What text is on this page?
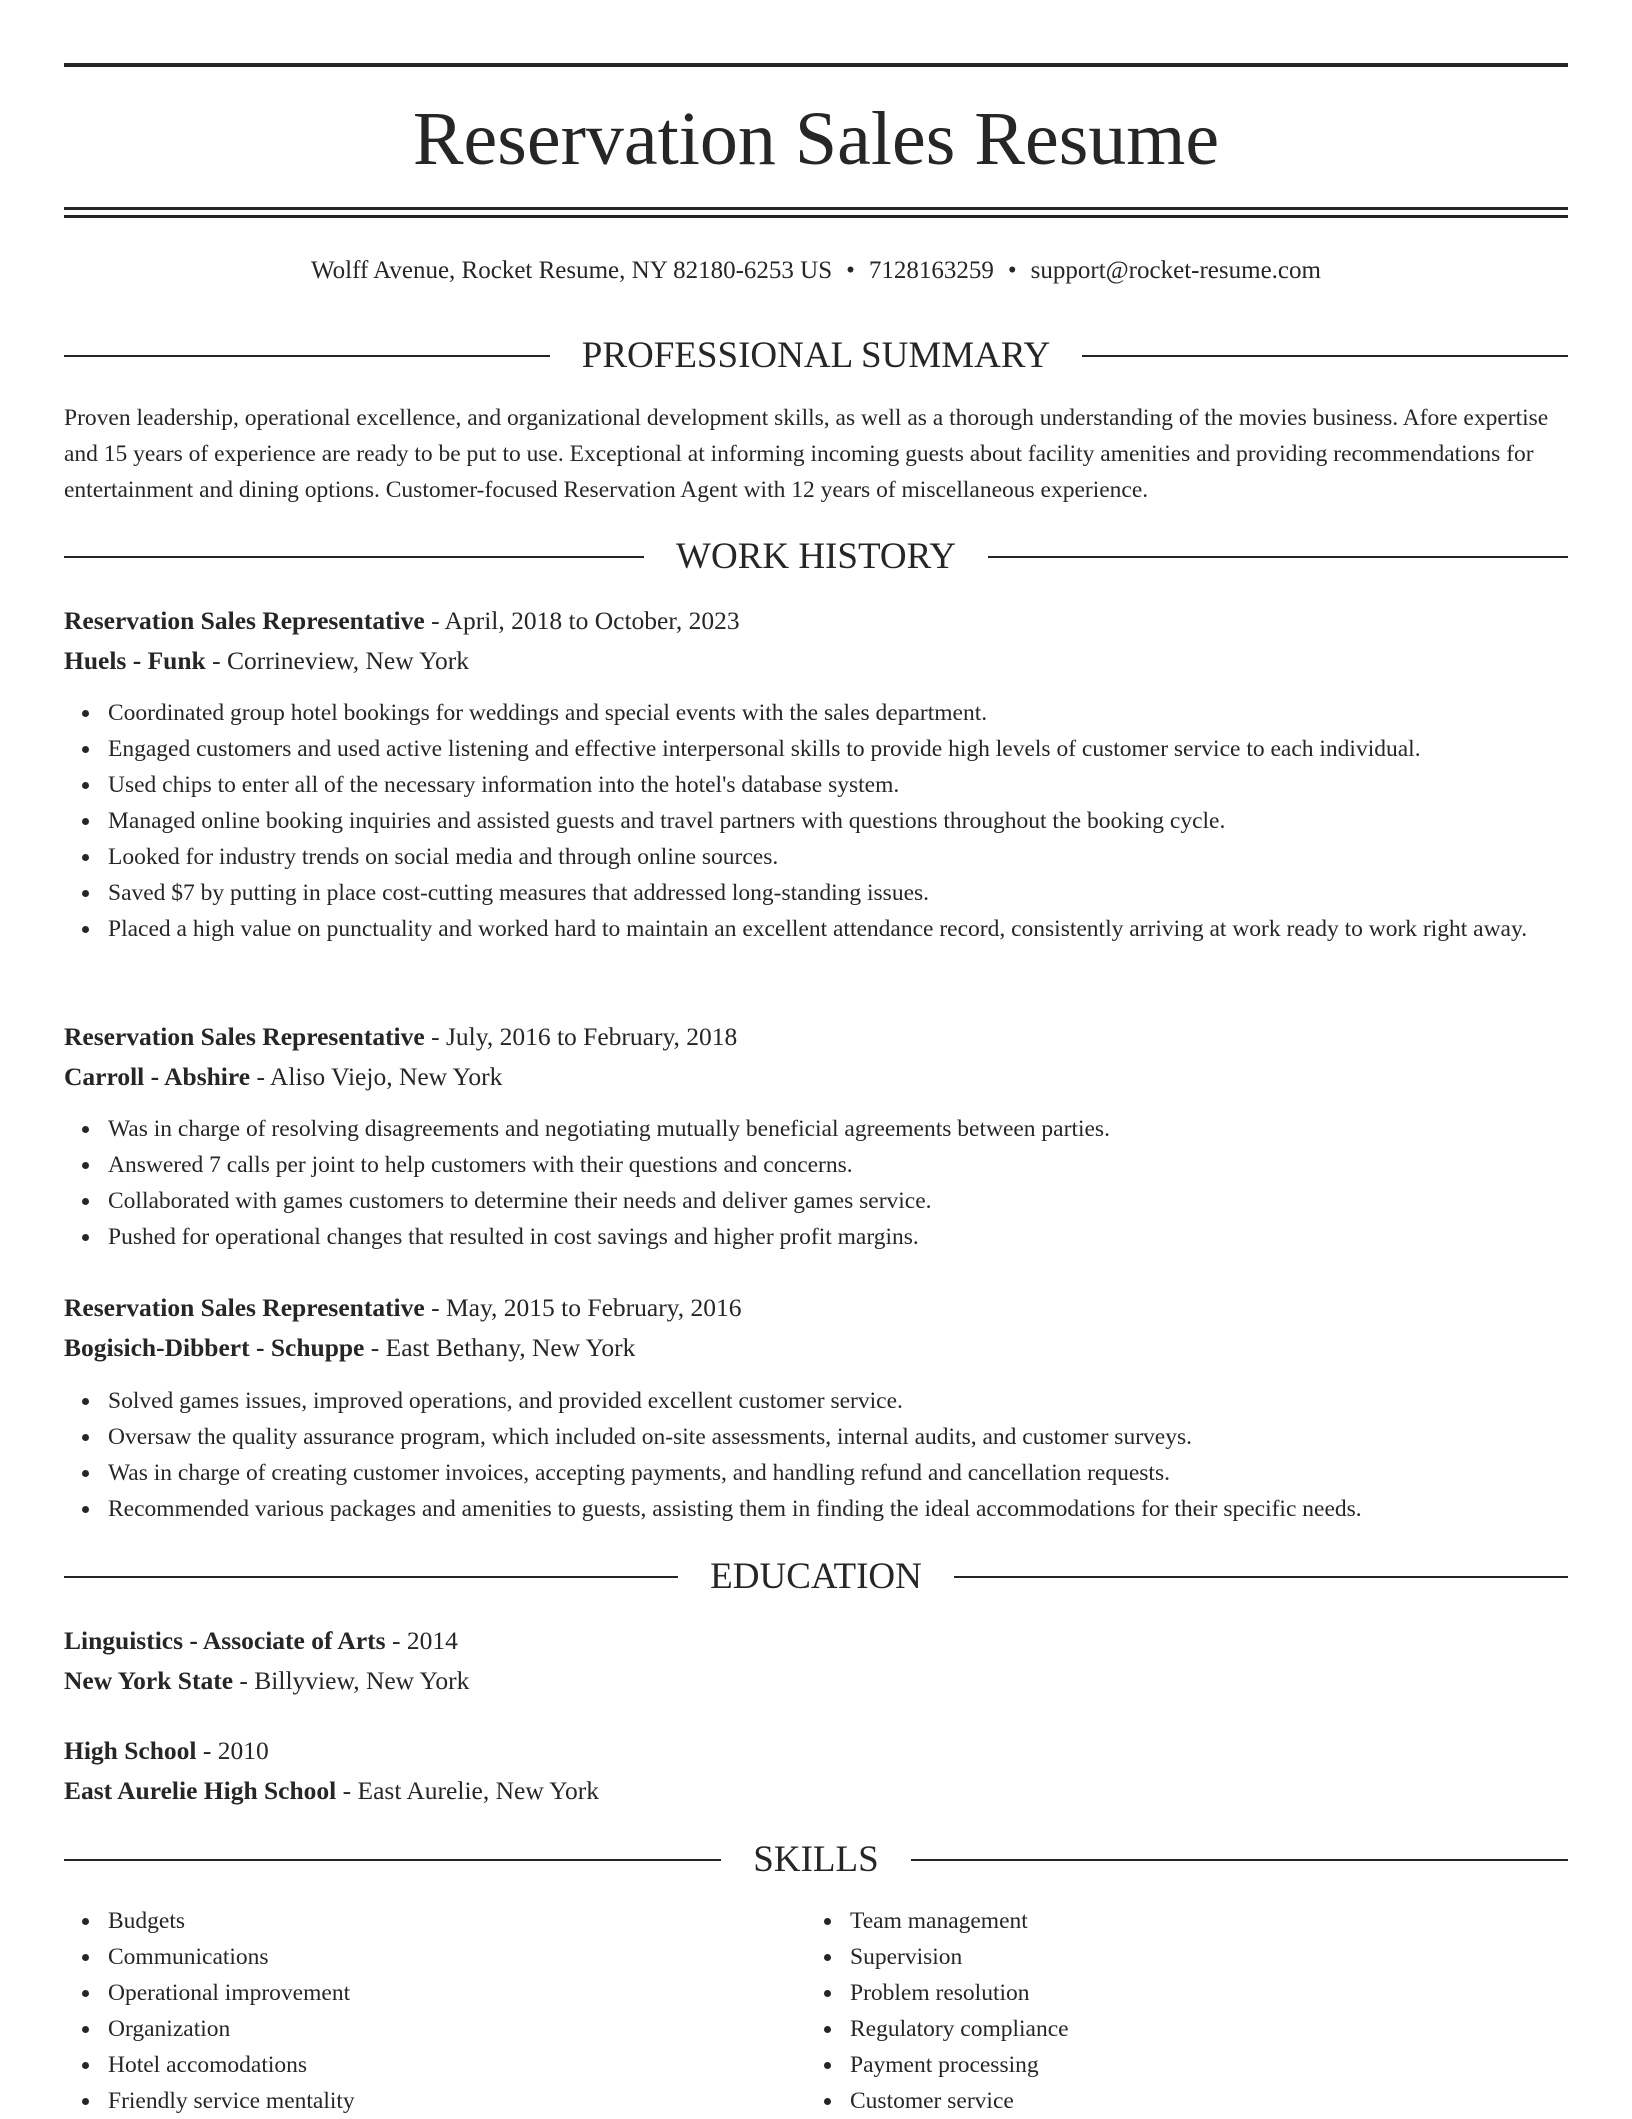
Reservation Sales Resume
Wolff Avenue, Rocket Resume, NY 82180-6253 US • 7128163259 • support@rocket-resume.com
PROFESSIONAL SUMMARY

Proven leadership, operational excellence, and organizational development skills, as well as a thorough understanding of the movies business. Afore expertise and 15 years of experience are ready to be put to use. Exceptional at informing incoming guests about facility amenities and providing recommendations for entertainment and dining options. Customer-focused Reservation Agent with 12 years of miscellaneous experience.

WORK HISTORY
Reservation Sales Representative - April, 2018 to October, 2023
Huels - Funk - Corrineview, New York
Coordinated group hotel bookings for weddings and special events with the sales department.
Engaged customers and used active listening and effective interpersonal skills to provide high levels of customer service to each individual.
Used chips to enter all of the necessary information into the hotel's database system.
Managed online booking inquiries and assisted guests and travel partners with questions throughout the booking cycle.
Looked for industry trends on social media and through online sources.
Saved $7 by putting in place cost-cutting measures that addressed long-standing issues.
Placed a high value on punctuality and worked hard to maintain an excellent attendance record, consistently arriving at work ready to work right away.
Reservation Sales Representative - July, 2016 to February, 2018
Carroll - Abshire - Aliso Viejo, New York
Was in charge of resolving disagreements and negotiating mutually beneficial agreements between parties.
Answered 7 calls per joint to help customers with their questions and concerns.
Collaborated with games customers to determine their needs and deliver games service.
Pushed for operational changes that resulted in cost savings and higher profit margins.
Reservation Sales Representative - May, 2015 to February, 2016
Bogisich-Dibbert - Schuppe - East Bethany, New York
Solved games issues, improved operations, and provided excellent customer service.
Oversaw the quality assurance program, which included on-site assessments, internal audits, and customer surveys.
Was in charge of creating customer invoices, accepting payments, and handling refund and cancellation requests.
Recommended various packages and amenities to guests, assisting them in finding the ideal accommodations for their specific needs.
EDUCATION
Linguistics - Associate of Arts - 2014
New York State - Billyview, New York
High School - 2010
East Aurelie High School - East Aurelie, New York
SKILLS
Budgets
Communications
Operational improvement
Organization
Hotel accomodations
Friendly service mentality
Team management
Supervision
Problem resolution
Regulatory compliance
Payment processing
Customer service
